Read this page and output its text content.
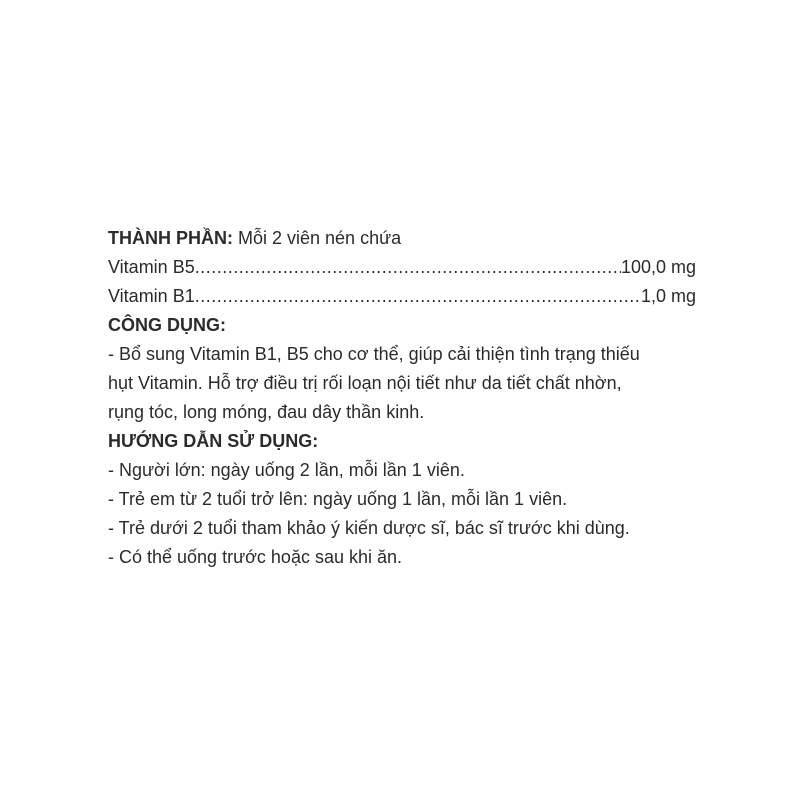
THÀNH PHẦN: Mỗi 2 viên nén chứa
Vitamin B5 .....	100,0 mg
Vitamin B1 .....	1,0 mg
CÔNG DỤNG:
- Bổ sung Vitamin B1, B5 cho cơ thể, giúp cải thiện tình trạng thiếu
hụt Vitamin. Hỗ trợ điều trị rối loạn nội tiết như da tiết chất nhờn,
rụng tóc, long móng, đau dây thần kinh.
HƯỚNG DẪN SỬ DỤNG:
- Người lớn: ngày uống 2 lần, mỗi lần 1 viên.
- Trẻ em từ 2 tuổi trở lên: ngày uống 1 lần, mỗi lần 1 viên.
- Trẻ dưới 2 tuổi tham khảo ý kiến dược sĩ, bác sĩ trước khi dùng.
- Có thể uống trước hoặc sau khi ăn.
